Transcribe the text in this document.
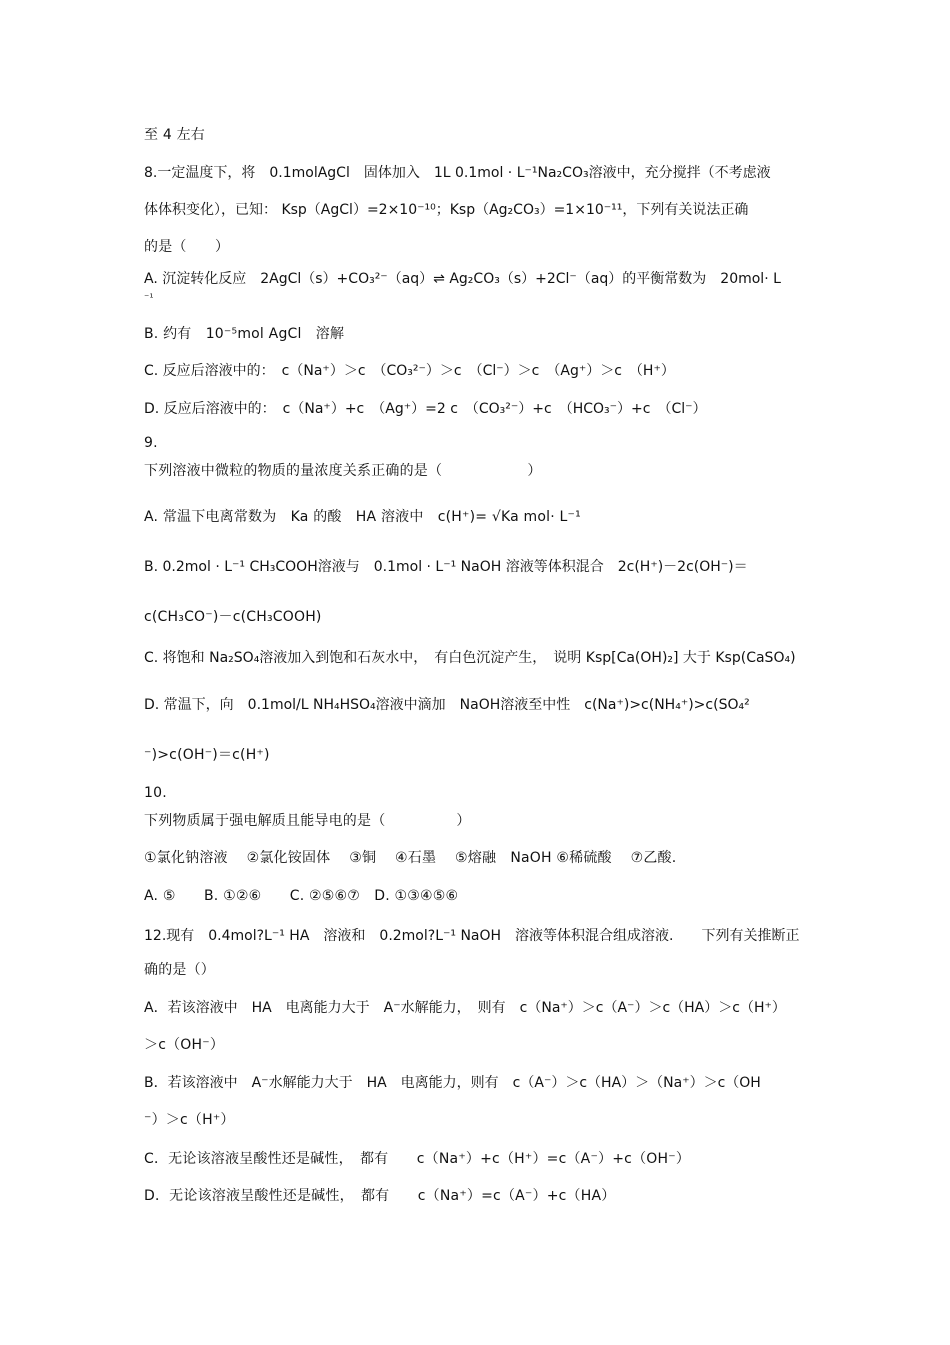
至 4 左右
8.一定温度下，将　0.1molAgCl　固体加入　1L 0.1mol · L⁻¹Na₂CO₃溶液中，充分搅拌（不考虑液
体体积变化），已知： Ksp（AgCl）=2×10⁻¹⁰；Ksp（Ag₂CO₃）=1×10⁻¹¹，下列有关说法正确
的是（　　）
A. 沉淀转化反应　2AgCl（s）+CO₃²⁻（aq）⇌ Ag₂CO₃（s）+2Cl⁻（aq）的平衡常数为　20mol· L
⁻¹
B. 约有　10⁻⁵mol AgCl　溶解
C. 反应后溶液中的：　c（Na⁺）＞c　（CO₃²⁻）＞c　（Cl⁻）＞c　（Ag⁺）＞c　（H⁺）
D. 反应后溶液中的：　c（Na⁺）+c　（Ag⁺）=2 c　（CO₃²⁻）+c　（HCO₃⁻）+c　（Cl⁻）
9.
下列溶液中微粒的物质的量浓度关系正确的是（　　　　　　）
A. 常温下电离常数为　Ka 的酸　HA 溶液中　c(H⁺)= √Ka mol· L⁻¹
B. 0.2mol · L⁻¹ CH₃COOH溶液与　0.1mol · L⁻¹ NaOH 溶液等体积混合　2c(H⁺)－2c(OH⁻)＝
c(CH₃CO⁻)－c(CH₃COOH)
C. 将饱和 Na₂SO₄溶液加入到饱和石灰水中，　有白色沉淀产生，　说明 Ksp[Ca(OH)₂] 大于 Ksp(CaSO₄)
D. 常温下，向　0.1mol/L NH₄HSO₄溶液中滴加　NaOH溶液至中性　c(Na⁺)>c(NH₄⁺)>c(SO₄²
⁻)>c(OH⁻)＝c(H⁺)
10.
下列物质属于强电解质且能导电的是（　　　　　）
①氯化钠溶液　 ②氯化铵固体　 ③铜　 ④石墨　 ⑤熔融　NaOH ⑥稀硫酸　 ⑦乙酸.
A. ⑤　　B. ①②⑥　　C. ②⑤⑥⑦　D. ①③④⑤⑥
12.现有　0.4mol?L⁻¹ HA　溶液和　0.2mol?L⁻¹ NaOH　溶液等体积混合组成溶液.　　下列有关推断正
确的是（）
A．若该溶液中　HA　电离能力大于　A⁻水解能力，　则有　c（Na⁺）＞c（A⁻）＞c（HA）＞c（H⁺）
＞c（OH⁻）
B．若该溶液中　A⁻水解能力大于　HA　电离能力，则有　c（A⁻）＞c（HA）＞（Na⁺）＞c（OH
⁻）＞c（H⁺）
C．无论该溶液呈酸性还是碱性，　都有　　c（Na⁺）+c（H⁺）=c（A⁻）+c（OH⁻）
D．无论该溶液呈酸性还是碱性，　都有　　c（Na⁺）=c（A⁻）+c（HA）
